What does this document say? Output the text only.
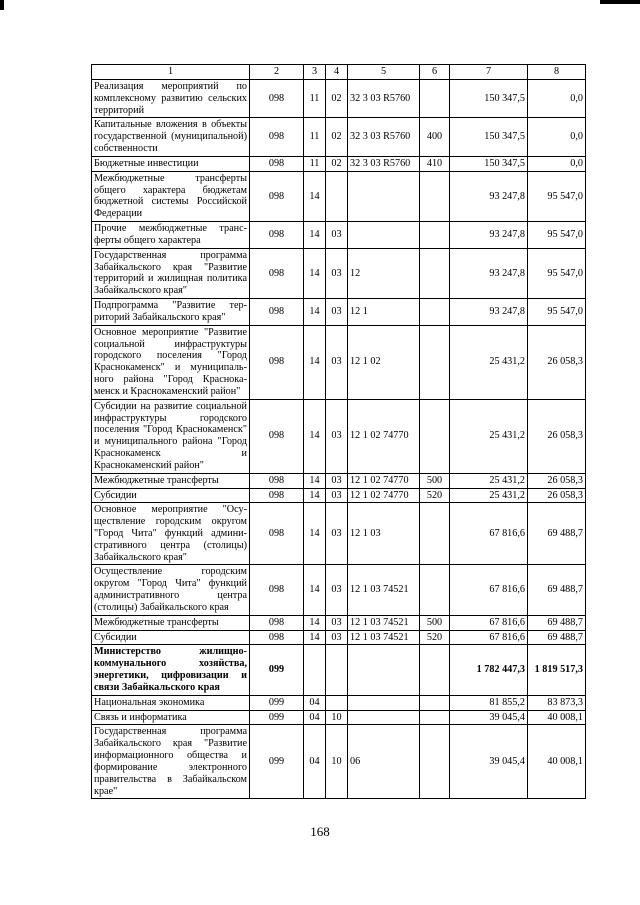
1	2	3	4	5	6	7	8
Реализация мероприятий по комплексному развитию сельских территорий	098	11	02	32 3 03 R5760		150 347,5	0,0
Капитальные вложения в объекты государственной (муниципальной) собственности	098	11	02	32 3 03 R5760	400	150 347,5	0,0
Бюджетные инвестиции	098	11	02	32 3 03 R5760	410	150 347,5	0,0
Межбюджетные трансферты общего характера бюджетам бюджетной системы Российской Федерации	098	14				93 247,8	95 547,0
Прочие межбюджетные трансферты общего характера	098	14	03			93 247,8	95 547,0
Государственная программа Забайкальского края "Развитие территорий и жилищная политика Забайкальского края"	098	14	03	12		93 247,8	95 547,0
Подпрограмма "Развитие территорий Забайкальского края"	098	14	03	12 1		93 247,8	95 547,0
Основное мероприятие "Развитие социальной инфраструктуры городского поселения "Город Краснокаменск" и муниципального района "Город Краснокаменск и Краснокаменский район"	098	14	03	12 1 02		25 431,2	26 058,3
Субсидии на развитие социальной инфраструктуры городского поселения "Город Краснокаменск" и муниципального района "Город Краснокаменск и Краснокаменский район"	098	14	03	12 1 02 74770		25 431,2	26 058,3
Межбюджетные трансферты	098	14	03	12 1 02 74770	500	25 431,2	26 058,3
Субсидии	098	14	03	12 1 02 74770	520	25 431,2	26 058,3
Основное мероприятие "Осуществление городским округом "Город Чита" функций административного центра (столицы) Забайкальского края"	098	14	03	12 1 03		67 816,6	69 488,7
Осуществление городским округом "Город Чита" функций административного центра (столицы) Забайкальского края	098	14	03	12 1 03 74521		67 816,6	69 488,7
Межбюджетные трансферты	098	14	03	12 1 03 74521	500	67 816,6	69 488,7
Субсидии	098	14	03	12 1 03 74521	520	67 816,6	69 488,7
Министерство жилищно-коммунального хозяйства, энергетики, цифровизации и связи Забайкальского края	099					1 782 447,3	1 819 517,3
Национальная экономика	099	04				81 855,2	83 873,3
Связь и информатика	099	04	10			39 045,4	40 008,1
Государственная программа Забайкальского края "Развитие информационного общества и формирование электронного правительства в Забайкальском крае"	099	04	10	06		39 045,4	40 008,1
168
